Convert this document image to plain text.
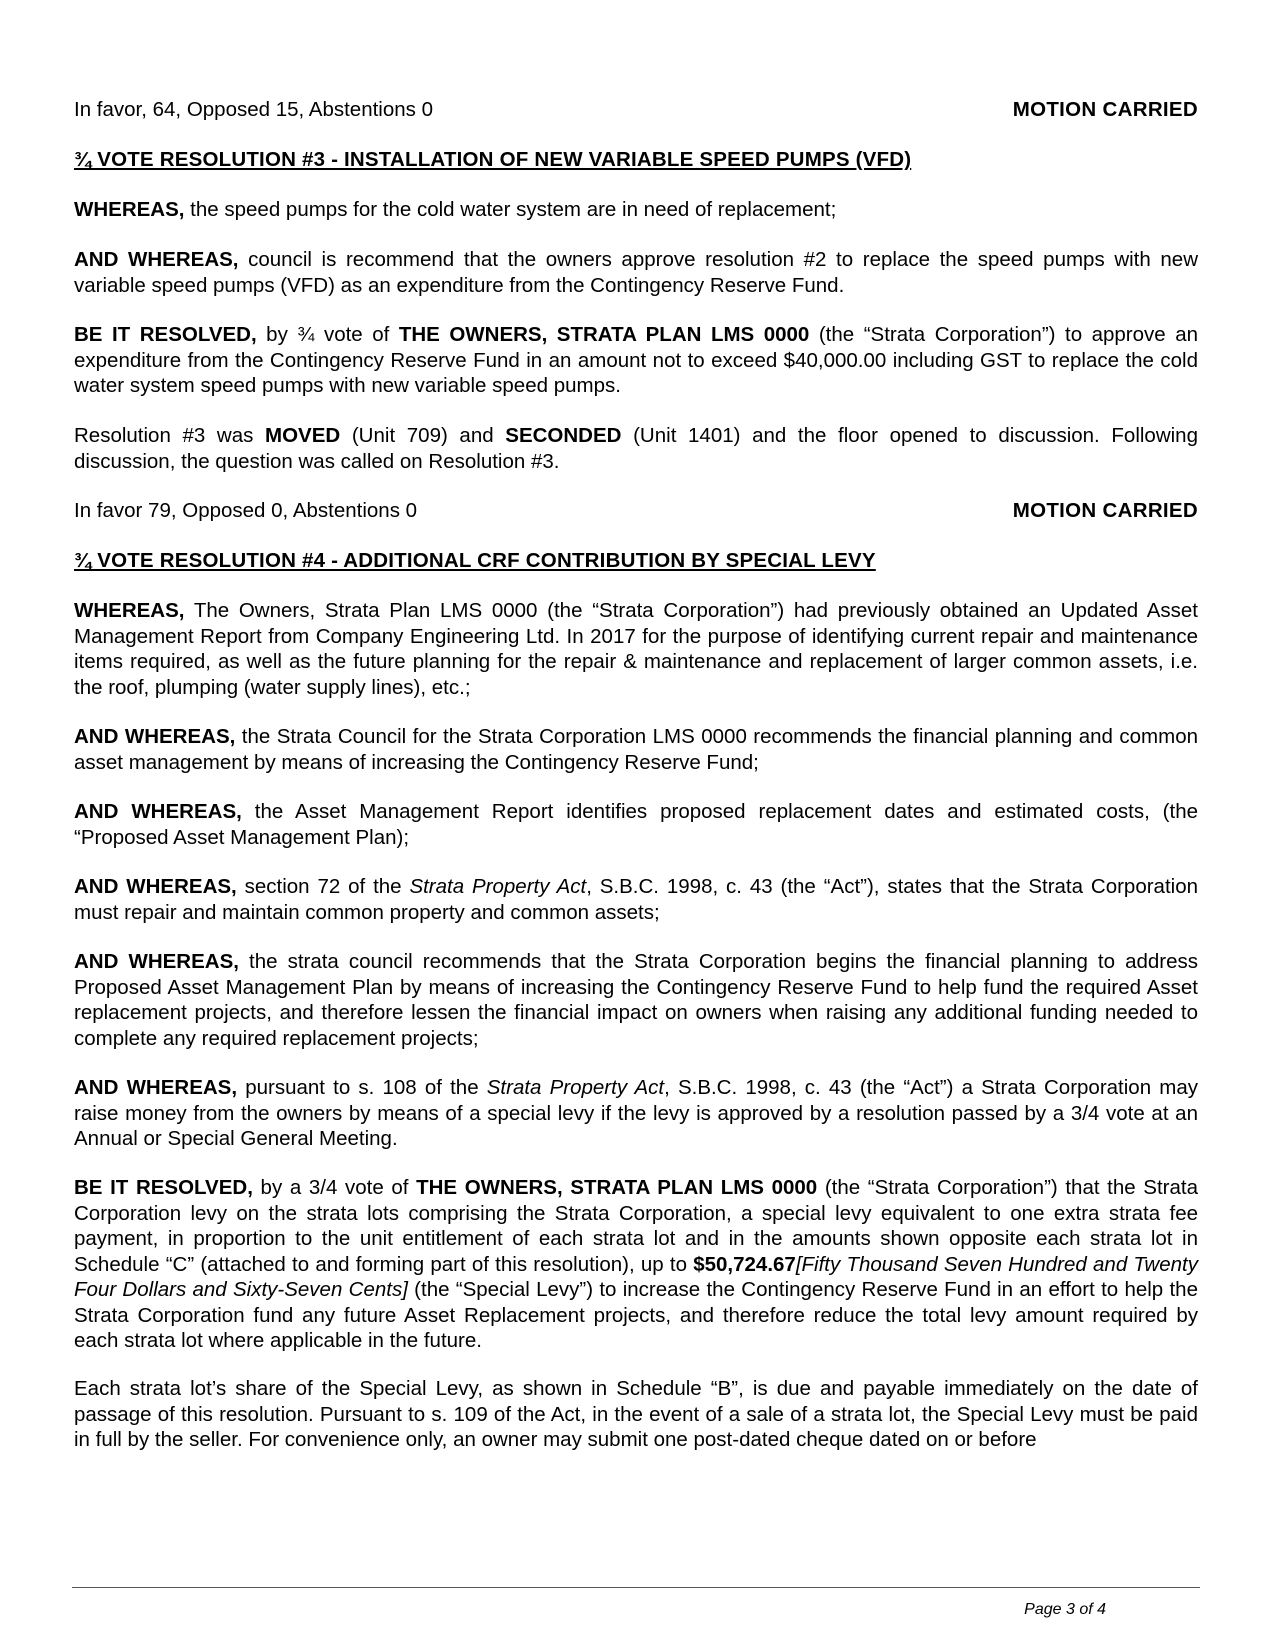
In favor, 64, Opposed 15, Abstentions 0	MOTION CARRIED
¾ VOTE RESOLUTION #3 - INSTALLATION OF NEW VARIABLE SPEED PUMPS (VFD)

WHEREAS, the speed pumps for the cold water system are in need of replacement;

AND WHEREAS, council is recommend that the owners approve resolution #2 to replace the speed pumps with new variable speed pumps (VFD) as an expenditure from the Contingency Reserve Fund.

BE IT RESOLVED, by ¾ vote of THE OWNERS, STRATA PLAN LMS 0000 (the “Strata Corporation”) to approve an expenditure from the Contingency Reserve Fund in an amount not to exceed $40,000.00 including GST to replace the cold water system speed pumps with new variable speed pumps.

Resolution #3 was MOVED (Unit 709) and SECONDED (Unit 1401) and the floor opened to discussion. Following discussion, the question was called on Resolution #3.

In favor 79, Opposed 0, Abstentions 0	MOTION CARRIED
¾ VOTE RESOLUTION #4 - ADDITIONAL CRF CONTRIBUTION BY SPECIAL LEVY

WHEREAS, The Owners, Strata Plan LMS 0000 (the “Strata Corporation”) had previously obtained an Updated Asset Management Report from Company Engineering Ltd. In 2017 for the purpose of identifying current repair and maintenance items required, as well as the future planning for the repair & maintenance and replacement of larger common assets, i.e. the roof, plumping (water supply lines), etc.;

AND WHEREAS, the Strata Council for the Strata Corporation LMS 0000 recommends the financial planning and common asset management by means of increasing the Contingency Reserve Fund;

AND WHEREAS, the Asset Management Report identifies proposed replacement dates and estimated costs, (the “Proposed Asset Management Plan);

AND WHEREAS, section 72 of the Strata Property Act, S.B.C. 1998, c. 43 (the “Act”), states that the Strata Corporation must repair and maintain common property and common assets;

AND WHEREAS, the strata council recommends that the Strata Corporation begins the financial planning to address Proposed Asset Management Plan by means of increasing the Contingency Reserve Fund to help fund the required Asset replacement projects, and therefore lessen the financial impact on owners when raising any additional funding needed to complete any required replacement projects;

AND WHEREAS, pursuant to s. 108 of the Strata Property Act, S.B.C. 1998, c. 43 (the “Act”) a Strata Corporation may raise money from the owners by means of a special levy if the levy is approved by a resolution passed by a 3/4 vote at an Annual or Special General Meeting.

BE IT RESOLVED, by a 3/4 vote of THE OWNERS, STRATA PLAN LMS 0000 (the “Strata Corporation”) that the Strata Corporation levy on the strata lots comprising the Strata Corporation, a special levy equivalent to one extra strata fee payment, in proportion to the unit entitlement of each strata lot and in the amounts shown opposite each strata lot in Schedule “C” (attached to and forming part of this resolution), up to $50,724.67[Fifty Thousand Seven Hundred and Twenty Four Dollars and Sixty-Seven Cents] (the “Special Levy”) to increase the Contingency Reserve Fund in an effort to help the Strata Corporation fund any future Asset Replacement projects, and therefore reduce the total levy amount required by each strata lot where applicable in the future.

Each strata lot’s share of the Special Levy, as shown in Schedule “B”, is due and payable immediately on the date of passage of this resolution. Pursuant to s. 109 of the Act, in the event of a sale of a strata lot, the Special Levy must be paid in full by the seller. For convenience only, an owner may submit one post-dated cheque dated on or before

Page 3 of 4
